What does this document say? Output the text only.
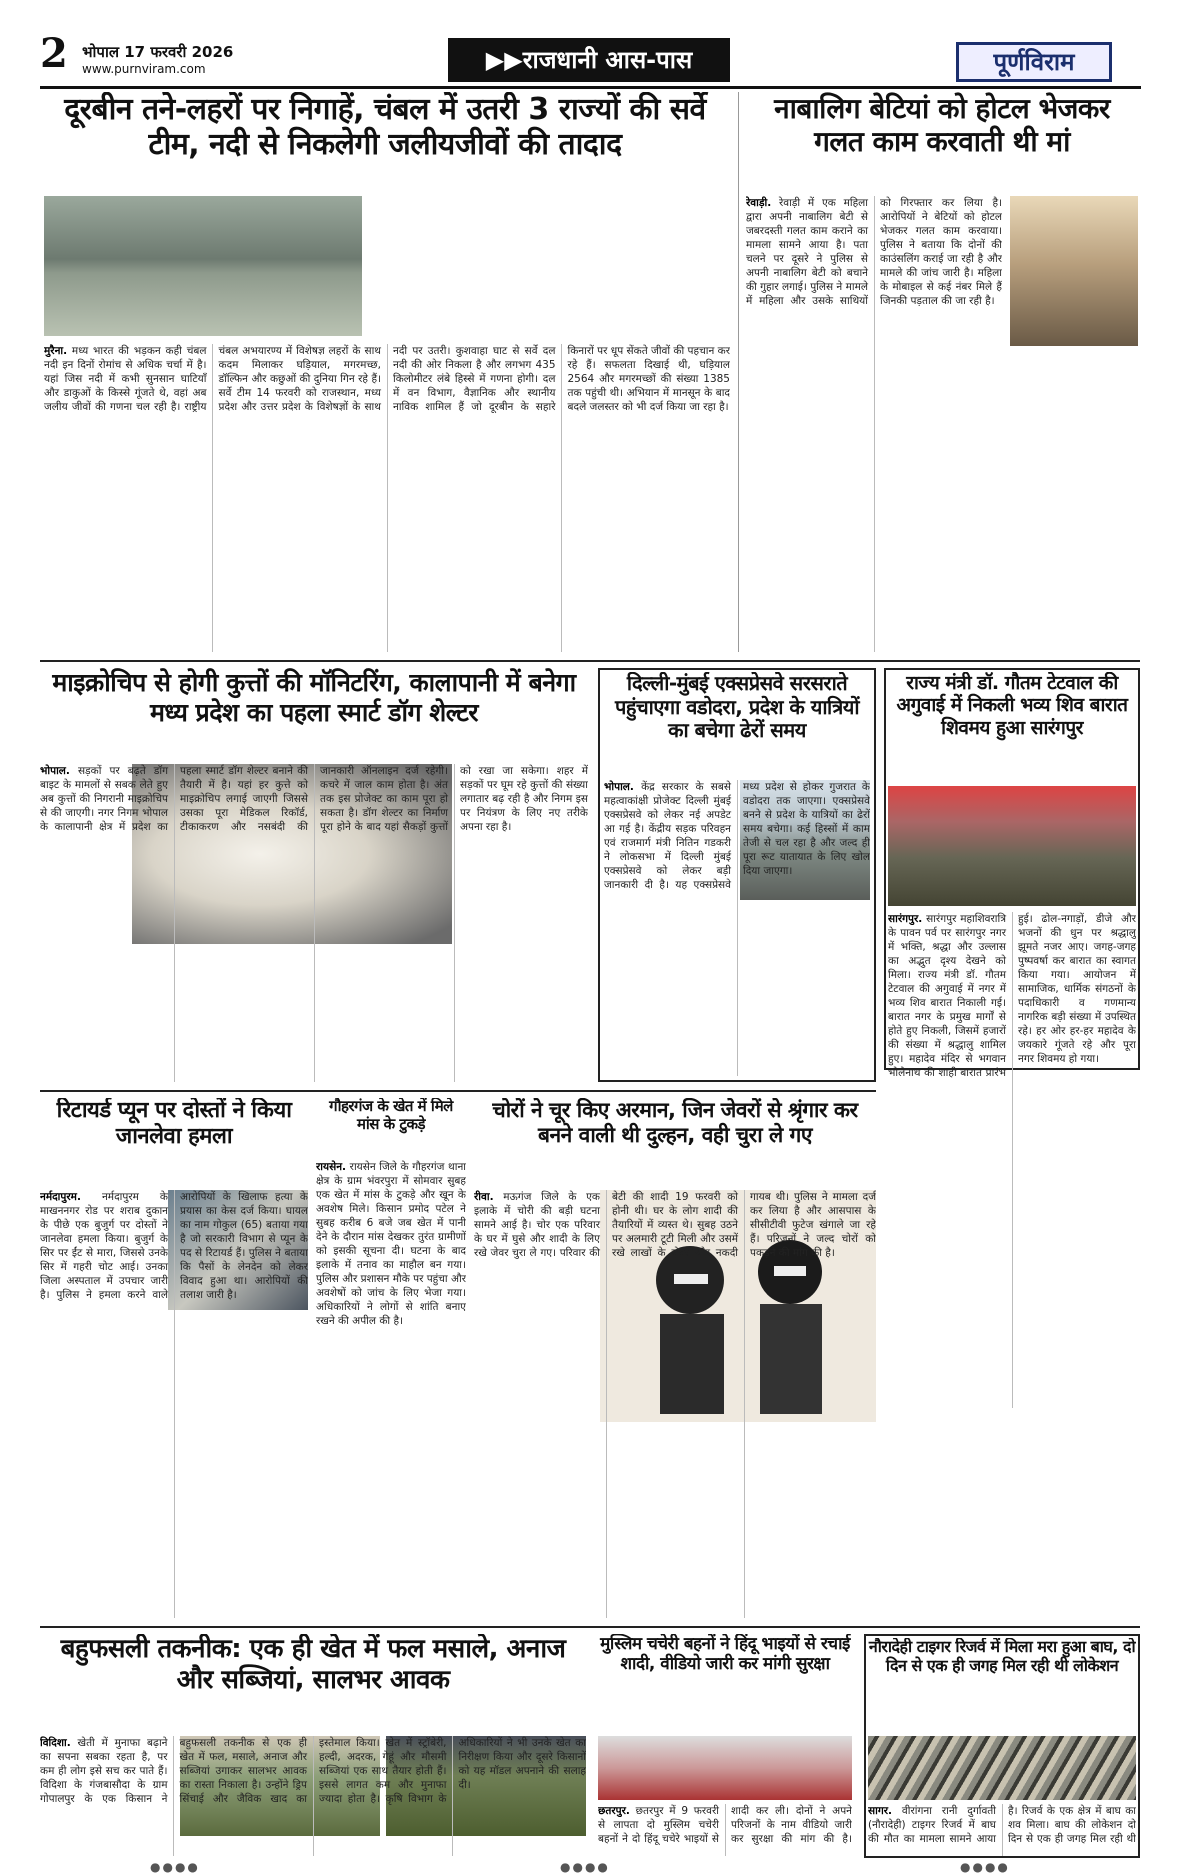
2 भोपाल 17 फरवरी 2026
www.purnviram.com	▶▶राजधानी आस-पास	पूर्णविराम
दूरबीन तने-लहरों पर निगाहें, चंबल में उतरी 3 राज्यों की सर्वे टीम, नदी से निकलेगी जलीयजीवों की तादाद
मुरैना. मध्य भारत की भड़कन कही चंबल नदी इन दिनों रोमांच से अधिक चर्चा में है। यहां जिस नदी में कभी सुनसान घाटियाँ और डाकुओं के किस्से गूंजते थे, वहां अब जलीय जीवों की गणना चल रही है। राष्ट्रीय चंबल अभयारण्य में विशेषज्ञ लहरों के साथ कदम मिलाकर घड़ियाल, मगरमच्छ, डॉल्फिन और कछुओं की दुनिया गिन रहे हैं। सर्वे टीम 14 फरवरी को राजस्थान, मध्य प्रदेश और उत्तर प्रदेश के विशेषज्ञों के साथ नदी पर उतरी। कुशवाहा घाट से सर्वे दल नदी की ओर निकला है और लगभग 435 किलोमीटर लंबे हिस्से में गणना होगी। दल में वन विभाग, वैज्ञानिक और स्थानीय नाविक शामिल हैं जो दूरबीन के सहारे किनारों पर धूप सेंकते जीवों की पहचान कर रहे हैं। सफलता दिखाई थी, घड़ियाल 2564 और मगरमच्छों की संख्या 1385 तक पहुंची थी। अभियान में मानसून के बाद बदले जलस्तर को भी दर्ज किया जा रहा है।
नाबालिग बेटियां को होटल भेजकर गलत काम करवाती थी मां
रेवाड़ी. रेवाड़ी में एक महिला द्वारा अपनी नाबालिग बेटी से जबरदस्ती गलत काम कराने का मामला सामने आया है। पता चलने पर दूसरे ने पुलिस से अपनी नाबालिग बेटी को बचाने की गुहार लगाई। पुलिस ने मामले में महिला और उसके साथियों को गिरफ्तार कर लिया है। आरोपियों ने बेटियों को होटल भेजकर गलत काम करवाया। पुलिस ने बताया कि दोनों की काउंसलिंग कराई जा रही है और मामले की जांच जारी है। महिला के मोबाइल से कई नंबर मिले हैं जिनकी पड़ताल की जा रही है।
माइक्रोचिप से होगी कुत्तों की मॉनिटरिंग, कालापानी में बनेगा मध्य प्रदेश का पहला स्मार्ट डॉग शेल्टर
भोपाल. सड़कों पर बढ़ते डॉग बाइट के मामलों से सबक लेते हुए अब कुत्तों की निगरानी माइक्रोचिप से की जाएगी। नगर निगम भोपाल के कालापानी क्षेत्र में प्रदेश का पहला स्मार्ट डॉग शेल्टर बनाने की तैयारी में है। यहां हर कुत्ते को माइक्रोचिप लगाई जाएगी जिससे उसका पूरा मेडिकल रिकॉर्ड, टीकाकरण और नसबंदी की जानकारी ऑनलाइन दर्ज रहेगी। कचरे में जाल काम होता है। अंत तक इस प्रोजेक्ट का काम पूरा हो सकता है। डॉग शेल्टर का निर्माण पूरा होने के बाद यहां सैकड़ों कुत्तों को रखा जा सकेगा। शहर में सड़कों पर घूम रहे कुत्तों की संख्या लगातार बढ़ रही है और निगम इस पर नियंत्रण के लिए नए तरीके अपना रहा है।
दिल्ली-मुंबई एक्सप्रेसवे सरसराते पहुंचाएगा वडोदरा, प्रदेश के यात्रियों का बचेगा ढेरों समय
भोपाल. केंद्र सरकार के सबसे महत्वाकांक्षी प्रोजेक्ट दिल्ली मुंबई एक्सप्रेसवे को लेकर नई अपडेट आ गई है। केंद्रीय सड़क परिवहन एवं राजमार्ग मंत्री नितिन गडकरी ने लोकसभा में दिल्ली मुंबई एक्सप्रेसवे को लेकर बड़ी जानकारी दी है। यह एक्सप्रेसवे मध्य प्रदेश से होकर गुजरात के वडोदरा तक जाएगा। एक्सप्रेसवे बनने से प्रदेश के यात्रियों का ढेरों समय बचेगा। कई हिस्सों में काम तेजी से चल रहा है और जल्द ही पूरा रूट यातायात के लिए खोल दिया जाएगा।
राज्य मंत्री डॉ. गौतम टेटवाल की अगुवाई में निकली भव्य शिव बारात शिवमय हुआ सारंगपुर
सारंगपुर. सारंगपुर महाशिवरात्रि के पावन पर्व पर सारंगपुर नगर में भक्ति, श्रद्धा और उल्लास का अद्भुत दृश्य देखने को मिला। राज्य मंत्री डॉ. गौतम टेटवाल की अगुवाई में नगर में भव्य शिव बारात निकाली गई। बारात नगर के प्रमुख मार्गों से होते हुए निकली, जिसमें हजारों की संख्या में श्रद्धालु शामिल हुए। महादेव मंदिर से भगवान भोलेनाथ की शाही बारात प्रारंभ हुई। ढोल-नगाड़ों, डीजे और भजनों की धुन पर श्रद्धालु झूमते नजर आए। जगह-जगह पुष्पवर्षा कर बारात का स्वागत किया गया। आयोजन में सामाजिक, धार्मिक संगठनों के पदाधिकारी व गणमान्य नागरिक बड़ी संख्या में उपस्थित रहे। हर ओर हर-हर महादेव के जयकारे गूंजते रहे और पूरा नगर शिवमय हो गया।
रिटायर्ड प्यून पर दोस्तों ने किया जानलेवा हमला
नर्मदापुरम. नर्मदापुरम के माखननगर रोड पर शराब दुकान के पीछे एक बुजुर्ग पर दोस्तों ने जानलेवा हमला किया। बुजुर्ग के सिर पर ईंट से मारा, जिससे उनके सिर में गहरी चोट आई। उनका जिला अस्पताल में उपचार जारी है। पुलिस ने हमला करने वाले आरोपियों के खिलाफ हत्या के प्रयास का केस दर्ज किया। घायल का नाम गोकुल (65) बताया गया है जो सरकारी विभाग से प्यून के पद से रिटायर्ड हैं। पुलिस ने बताया कि पैसों के लेनदेन को लेकर विवाद हुआ था। आरोपियों की तलाश जारी है।
गौहरगंज के खेत में मिले मांस के टुकड़े
रायसेन. रायसेन जिले के गौहरगंज थाना क्षेत्र के ग्राम भंवरपुरा में सोमवार सुबह एक खेत में मांस के टुकड़े और खून के अवशेष मिले। किसान प्रमोद पटेल ने सुबह करीब 6 बजे जब खेत में पानी देने के दौरान मांस देखकर तुरंत ग्रामीणों को इसकी सूचना दी। घटना के बाद इलाके में तनाव का माहौल बन गया। पुलिस और प्रशासन मौके पर पहुंचा और अवशेषों को जांच के लिए भेजा गया। अधिकारियों ने लोगों से शांति बनाए रखने की अपील की है।
चोरों ने चूर किए अरमान, जिन जेवरों से श्रृंगार कर बनने वाली थी दुल्हन, वही चुरा ले गए
रीवा. मऊगंज जिले के एक इलाके में चोरी की बड़ी घटना सामने आई है। चोर एक परिवार के घर में घुसे और शादी के लिए रखे जेवर चुरा ले गए। परिवार की बेटी की शादी 19 फरवरी को होनी थी। घर के लोग शादी की तैयारियों में व्यस्त थे। सुबह उठने पर अलमारी टूटी मिली और उसमें रखे लाखों के जेवर और नकदी गायब थी। पुलिस ने मामला दर्ज कर लिया है और आसपास के सीसीटीवी फुटेज खंगाले जा रहे हैं। परिजनों ने जल्द चोरों को पकड़ने की मांग की है।
बहुफसली तकनीक: एक ही खेत में फल मसाले, अनाज और सब्जियां, सालभर आवक
विदिशा. खेती में मुनाफा बढ़ाने का सपना सबका रहता है, पर कम ही लोग इसे सच कर पाते हैं। विदिशा के गंजबासौदा के ग्राम गोपालपुर के एक किसान ने बहुफसली तकनीक से एक ही खेत में फल, मसाले, अनाज और सब्जियां उगाकर सालभर आवक का रास्ता निकाला है। उन्होंने ड्रिप सिंचाई और जैविक खाद का इस्तेमाल किया। खेत में स्ट्रॉबेरी, हल्दी, अदरक, गेहूं और मौसमी सब्जियां एक साथ तैयार होती हैं। इससे लागत कम और मुनाफा ज्यादा होता है। कृषि विभाग के अधिकारियों ने भी उनके खेत का निरीक्षण किया और दूसरे किसानों को यह मॉडल अपनाने की सलाह दी।
मुस्लिम चचेरी बहनों ने हिंदू भाइयों से रचाई शादी, वीडियो जारी कर मांगी सुरक्षा
छतरपुर. छतरपुर में 9 फरवरी से लापता दो मुस्लिम चचेरी बहनों ने दो हिंदू चचेरे भाइयों से शादी कर ली। दोनों ने अपने परिजनों के नाम वीडियो जारी कर सुरक्षा की मांग की है।
नौरादेही टाइगर रिजर्व में मिला मरा हुआ बाघ, दो दिन से एक ही जगह मिल रही थी लोकेशन
सागर. वीरांगना रानी दुर्गावती (नौरादेही) टाइगर रिजर्व में बाघ की मौत का मामला सामने आया है। रिजर्व के एक क्षेत्र में बाघ का शव मिला। बाघ की लोकेशन दो दिन से एक ही जगह मिल रही थी
●●●●	●●●●	●●●●
